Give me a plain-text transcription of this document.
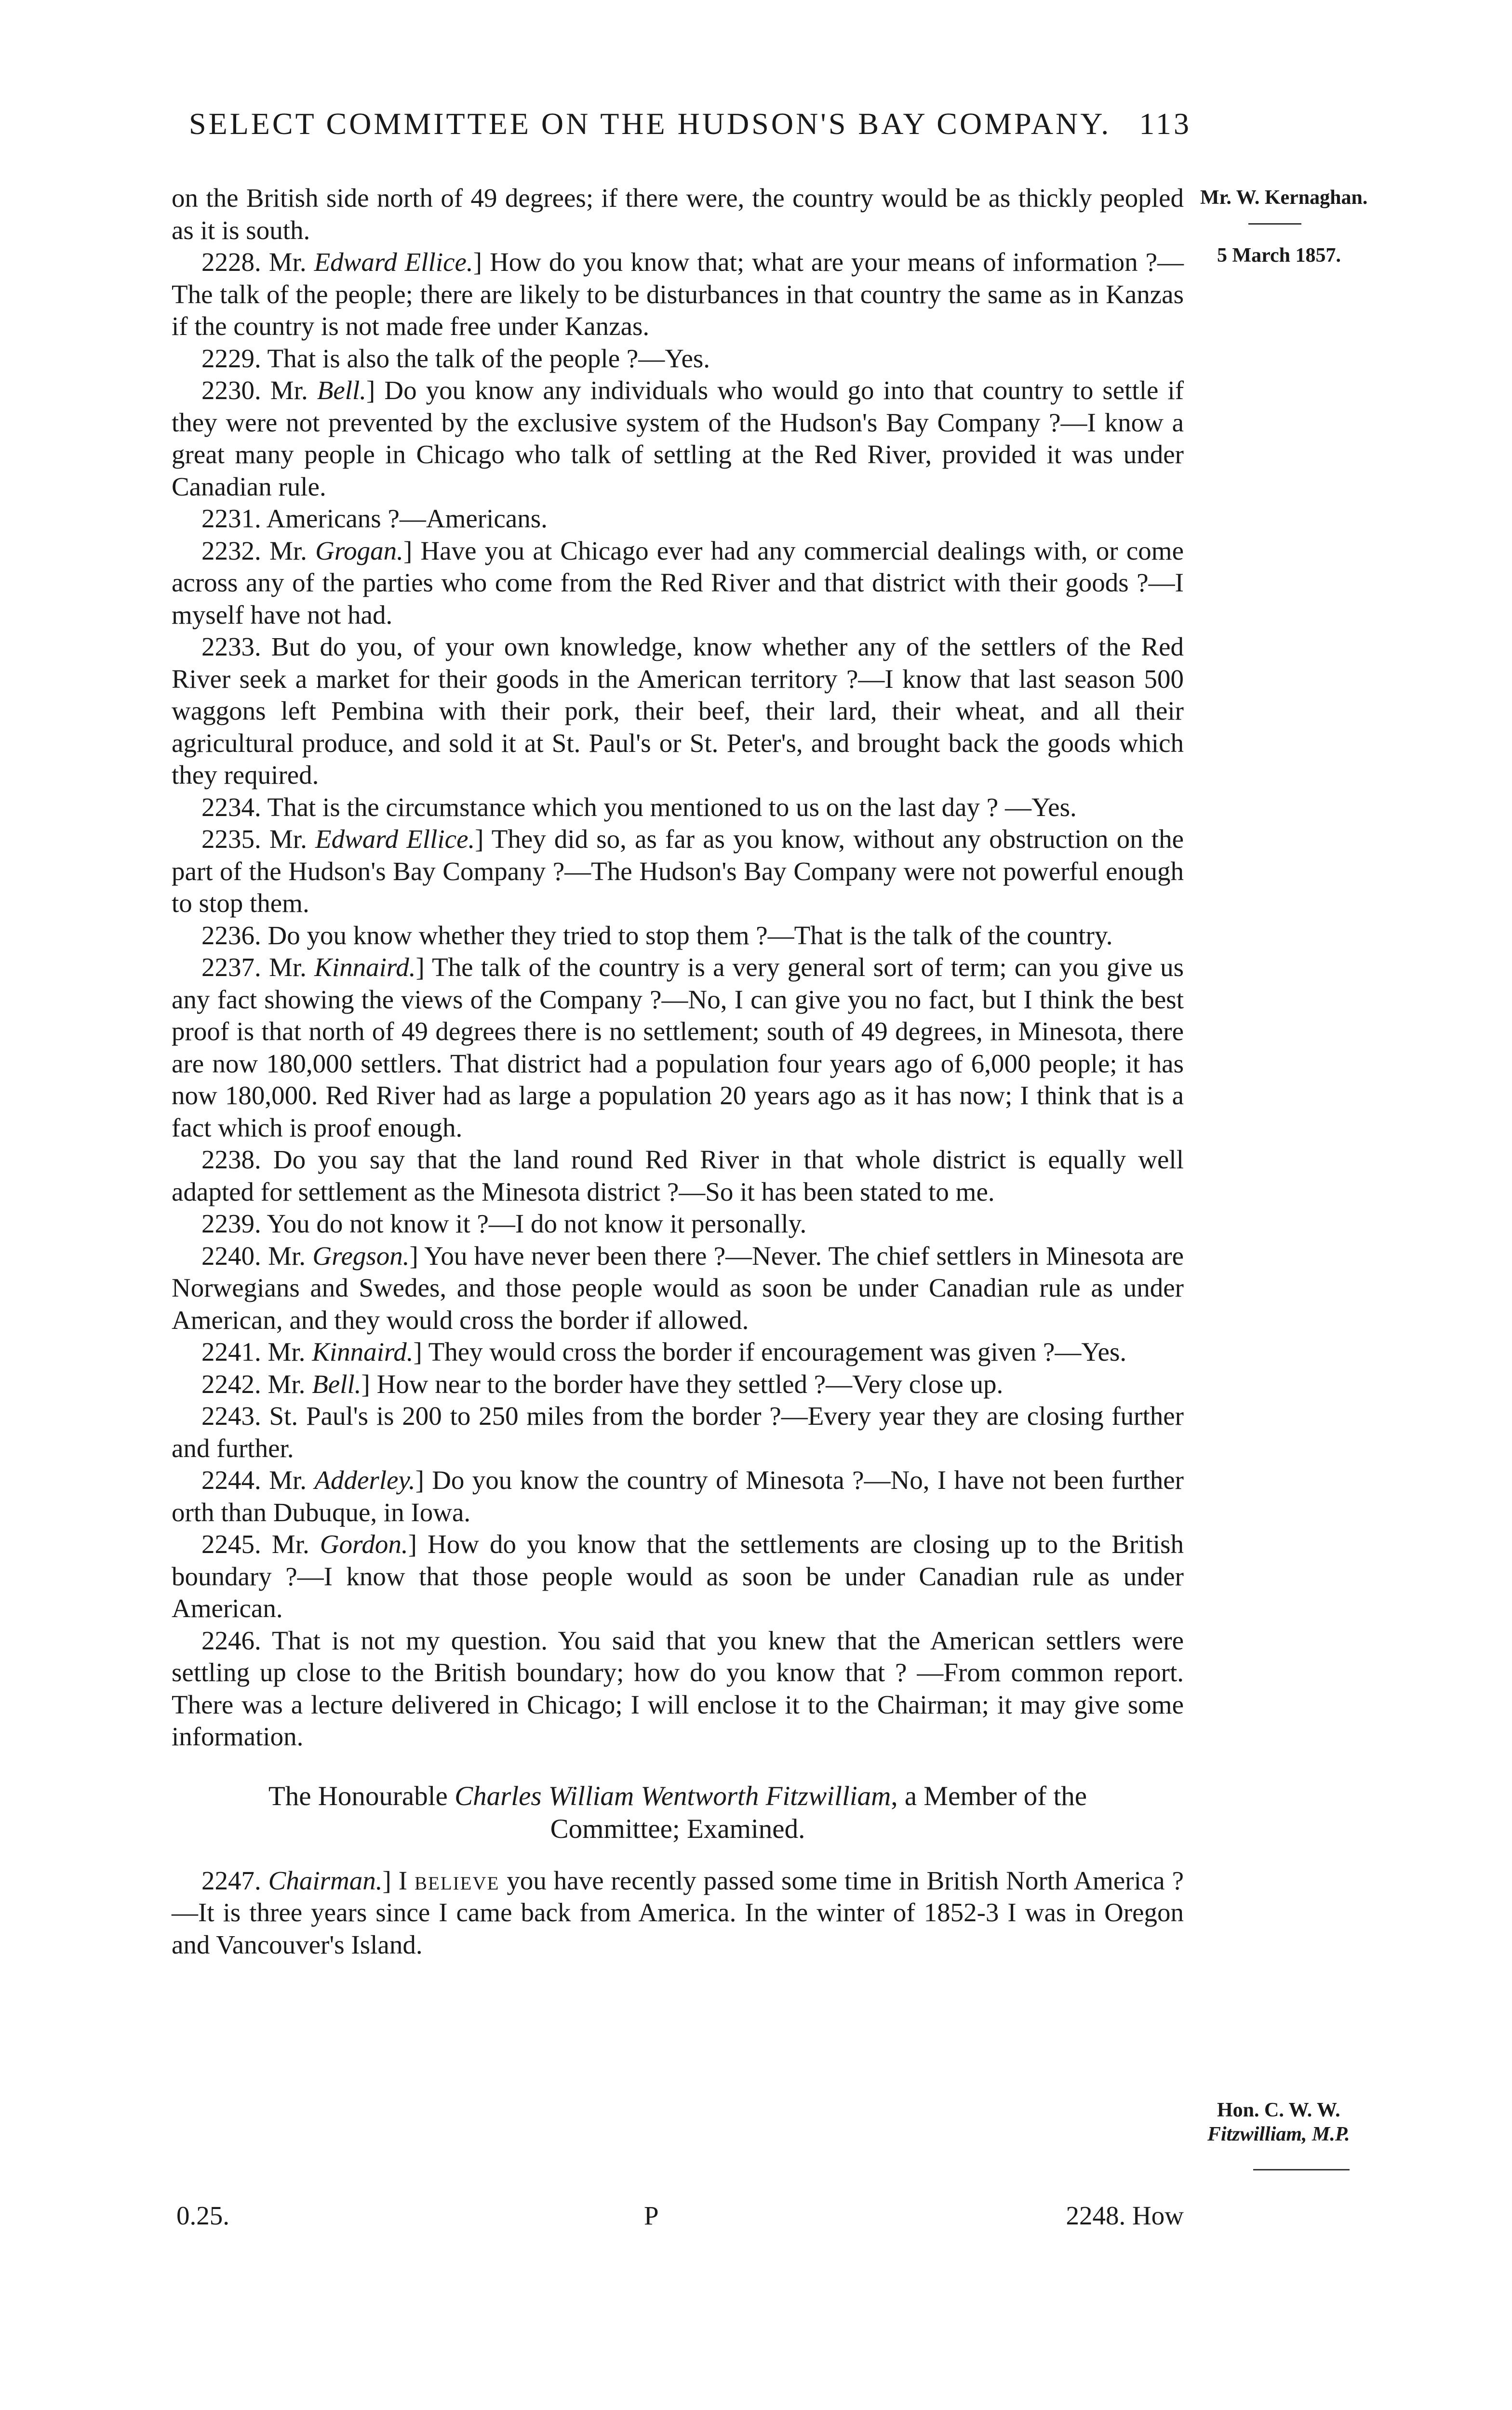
SELECT COMMITTEE ON THE HUDSON'S BAY COMPANY. 113
Mr. W. Kernaghan.
5 March 1857.
Hon. C. W. W.
Fitzwilliam, M.P.

on the British side north of 49 degrees; if there were, the country would be as thickly peopled as it is south.

2228. Mr. Edward Ellice.] How do you know that; what are your means of information ?—The talk of the people; there are likely to be disturbances in that country the same as in Kanzas if the country is not made free under Kanzas.

2229. That is also the talk of the people ?—Yes.

2230. Mr. Bell.] Do you know any individuals who would go into that country to settle if they were not prevented by the exclusive system of the Hudson's Bay Company ?—I know a great many people in Chicago who talk of settling at the Red River, provided it was under Canadian rule.

2231. Americans ?—Americans.

2232. Mr. Grogan.] Have you at Chicago ever had any commercial dealings with, or come across any of the parties who come from the Red River and that district with their goods ?—I myself have not had.

2233. But do you, of your own knowledge, know whether any of the settlers of the Red River seek a market for their goods in the American territory ?—I know that last season 500 waggons left Pembina with their pork, their beef, their lard, their wheat, and all their agricultural produce, and sold it at St. Paul's or St. Peter's, and brought back the goods which they required.

2234. That is the circumstance which you mentioned to us on the last day ? —Yes.

2235. Mr. Edward Ellice.] They did so, as far as you know, without any obstruction on the part of the Hudson's Bay Company ?—The Hudson's Bay Company were not powerful enough to stop them.

2236. Do you know whether they tried to stop them ?—That is the talk of the country.

2237. Mr. Kinnaird.] The talk of the country is a very general sort of term; can you give us any fact showing the views of the Company ?—No, I can give you no fact, but I think the best proof is that north of 49 degrees there is no settlement; south of 49 degrees, in Minesota, there are now 180,000 settlers. That district had a population four years ago of 6,000 people; it has now 180,000. Red River had as large a population 20 years ago as it has now; I think that is a fact which is proof enough.

2238. Do you say that the land round Red River in that whole district is equally well adapted for settlement as the Minesota district ?—So it has been stated to me.

2239. You do not know it ?—I do not know it personally.

2240. Mr. Gregson.] You have never been there ?—Never. The chief settlers in Minesota are Norwegians and Swedes, and those people would as soon be under Canadian rule as under American, and they would cross the border if allowed.

2241. Mr. Kinnaird.] They would cross the border if encouragement was given ?—Yes.

2242. Mr. Bell.] How near to the border have they settled ?—Very close up.

2243. St. Paul's is 200 to 250 miles from the border ?—Every year they are closing further and further.

2244. Mr. Adderley.] Do you know the country of Minesota ?—No, I have not been further orth than Dubuque, in Iowa.

2245. Mr. Gordon.] How do you know that the settlements are closing up to the British boundary ?—I know that those people would as soon be under Canadian rule as under American.

2246. That is not my question. You said that you knew that the American settlers were settling up close to the British boundary; how do you know that ? —From common report. There was a lecture delivered in Chicago; I will enclose it to the Chairman; it may give some information.

The Honourable Charles William Wentworth Fitzwilliam, a Member of the Committee; Examined.

2247. Chairman.] I believe you have recently passed some time in British North America ?—It is three years since I came back from America. In the winter of 1852-3 I was in Oregon and Vancouver's Island.

0.25.	P	2248. How
